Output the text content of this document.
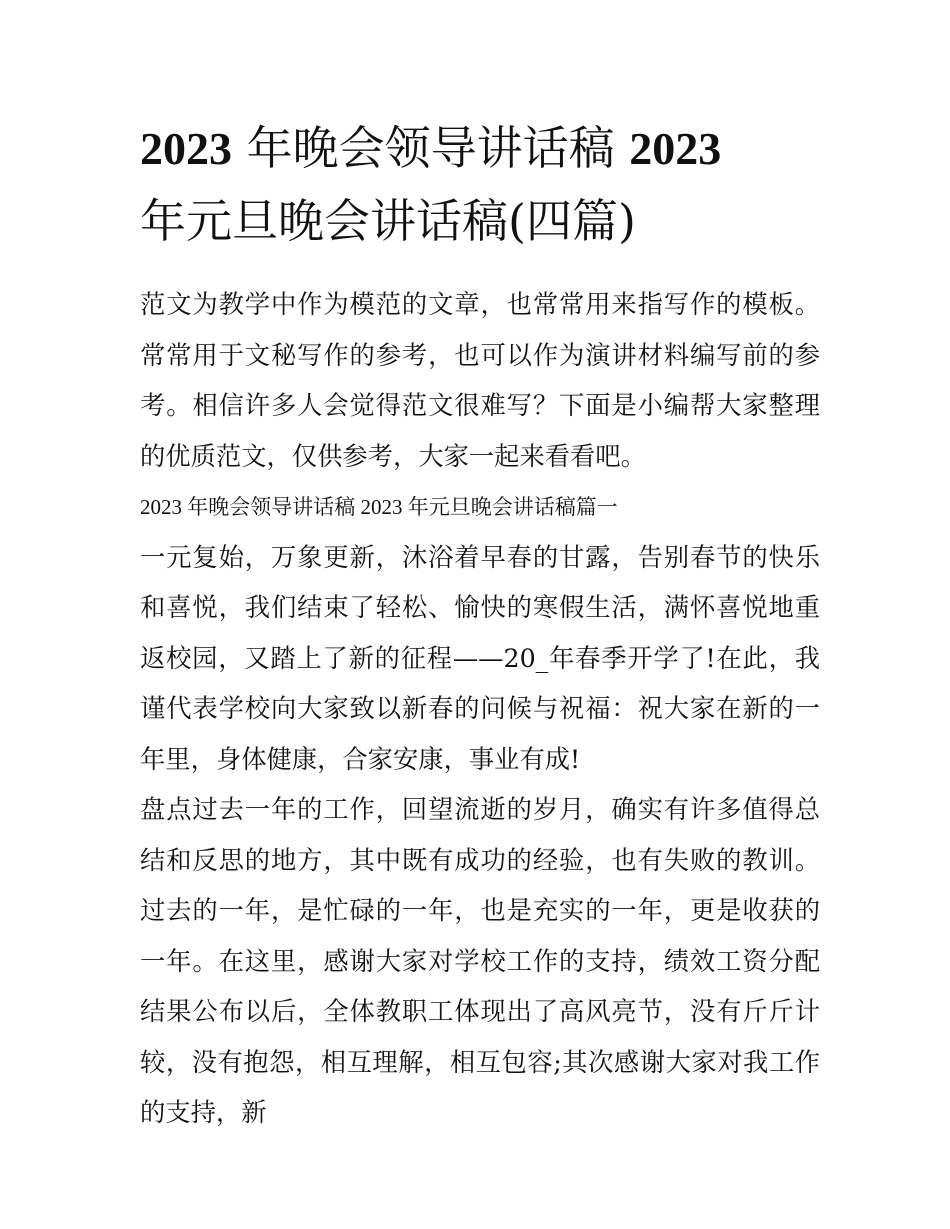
2023 年晚会领导讲话稿 2023
年元旦晚会讲话稿(四篇)

范文为教学中作为模范的文章，也常常用来指写作的模板。常常用于文秘写作的参考，也可以作为演讲材料编写前的参考。相信许多人会觉得范文很难写？下面是小编帮大家整理的优质范文，仅供参考，大家一起来看看吧。

2023 年晚会领导讲话稿 2023 年元旦晚会讲话稿篇一

一元复始，万象更新，沐浴着早春的甘露，告别春节的快乐和喜悦，我们结束了轻松、愉快的寒假生活，满怀喜悦地重返校园，又踏上了新的征程——20_年春季开学了!在此，我谨代表学校向大家致以新春的问候与祝福：祝大家在新的一年里，身体健康，合家安康，事业有成!

盘点过去一年的工作，回望流逝的岁月，确实有许多值得总结和反思的地方，其中既有成功的经验，也有失败的教训。过去的一年，是忙碌的一年，也是充实的一年，更是收获的一年。在这里，感谢大家对学校工作的支持，绩效工资分配结果公布以后，全体教职工体现出了高风亮节，没有斤斤计较，没有抱怨，相互理解，相互包容;其次感谢大家对我工作的支持，新
